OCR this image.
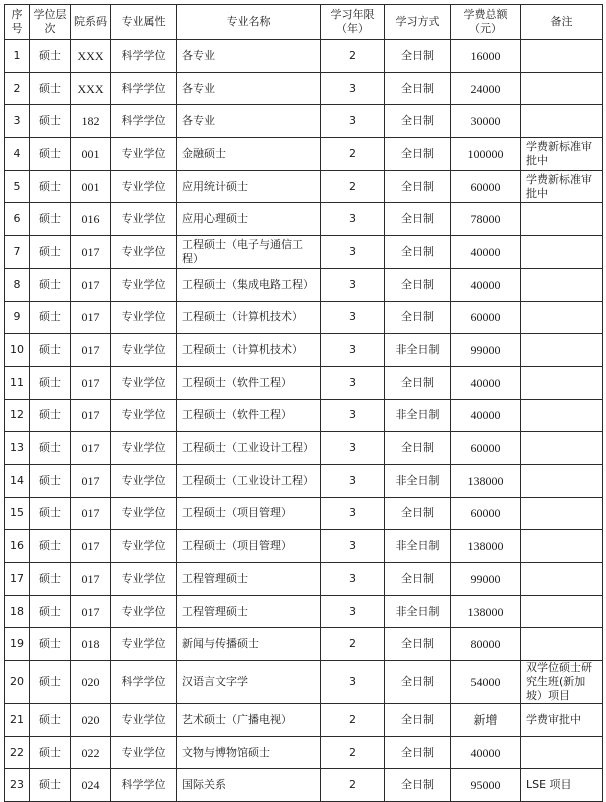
序号	学位层次	院系码	专业属性	专业名称	学习年限（年）	学习方式	学费总额（元）	备注
1	硕士	XXX	科学学位	各专业	2	全日制	16000	
2	硕士	XXX	科学学位	各专业	3	全日制	24000	
3	硕士	182	科学学位	各专业	3	全日制	30000	
4	硕士	001	专业学位	金融硕士	2	全日制	100000	学费新标准审批中
5	硕士	001	专业学位	应用统计硕士	2	全日制	60000	学费新标准审批中
6	硕士	016	专业学位	应用心理硕士	3	全日制	78000	
7	硕士	017	专业学位	工程硕士（电子与通信工程）	3	全日制	40000	
8	硕士	017	专业学位	工程硕士（集成电路工程）	3	全日制	40000	
9	硕士	017	专业学位	工程硕士（计算机技术）	3	全日制	60000	
10	硕士	017	专业学位	工程硕士（计算机技术）	3	非全日制	99000	
11	硕士	017	专业学位	工程硕士（软件工程）	3	全日制	40000	
12	硕士	017	专业学位	工程硕士（软件工程）	3	非全日制	40000	
13	硕士	017	专业学位	工程硕士（工业设计工程）	3	全日制	60000	
14	硕士	017	专业学位	工程硕士（工业设计工程）	3	非全日制	138000	
15	硕士	017	专业学位	工程硕士（项目管理）	3	全日制	60000	
16	硕士	017	专业学位	工程硕士（项目管理）	3	非全日制	138000	
17	硕士	017	专业学位	工程管理硕士	3	全日制	99000	
18	硕士	017	专业学位	工程管理硕士	3	非全日制	138000	
19	硕士	018	专业学位	新闻与传播硕士	2	全日制	80000	
20	硕士	020	科学学位	汉语言文字学	3	全日制	54000	双学位硕士研究生班(新加坡）项目
21	硕士	020	专业学位	艺术硕士（广播电视）	2	全日制	新增	学费审批中
22	硕士	022	专业学位	文物与博物馆硕士	2	全日制	40000	
23	硕士	024	科学学位	国际关系	2	全日制	95000	LSE 项目
